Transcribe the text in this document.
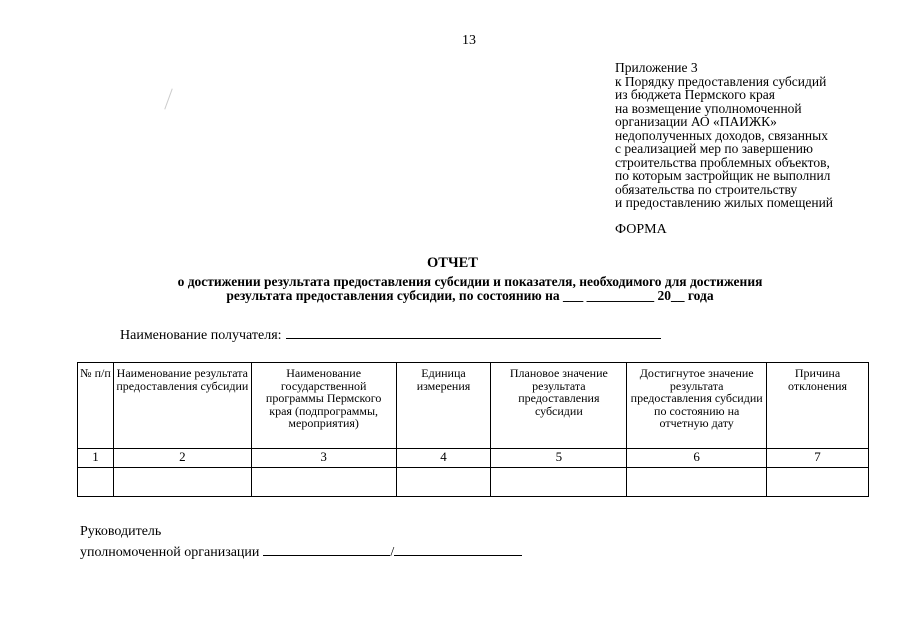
13
Приложение 3
к Порядку предоставления субсидий
из бюджета Пермского края
на возмещение уполномоченной
организации АО «ПАИЖК»
недополученных доходов, связанных
с реализацией мер по завершению
строительства проблемных объектов,
по которым застройщик не выполнил
обязательства по строительству
и предоставлению жилых помещений
ФОРМА
ОТЧЕТ
о достижении результата предоставления субсидии и показателя, необходимого для достижения
результата предоставления субсидии, по состоянию на ___ __________ 20__ года
Наименование получателя:
№ п/п	Наименование результата предоставления субсидии	Наименование государственной программы Пермского края (подпрограммы, мероприятия)	Единица измерения	Плановое значение результата предоставления субсидии	Достигнутое значение результата предоставления субсидии по состоянию на отчетную дату	Причина отклонения
1	2	3	4	5	6	7

Руководитель
уполномоченной организации	/
